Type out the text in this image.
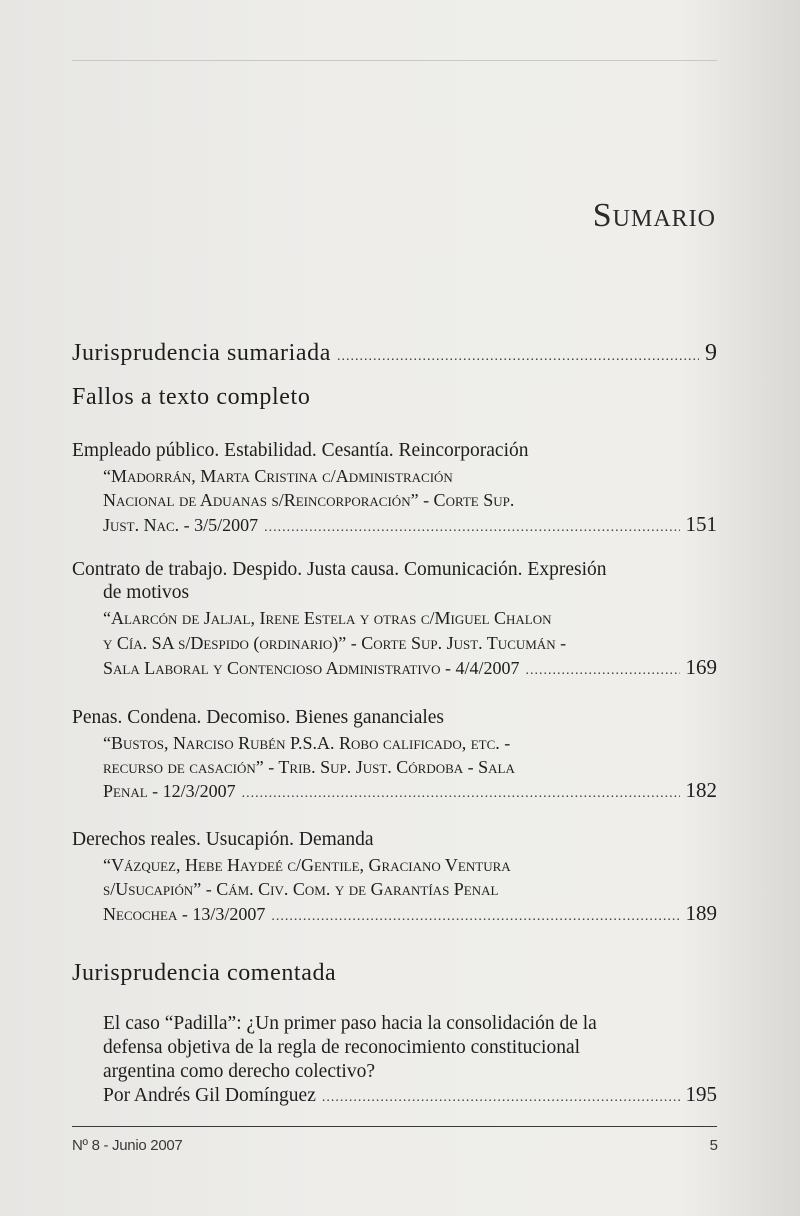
Sumario
Jurisprudencia sumariada .....	9
Fallos a texto completo
Empleado público. Estabilidad. Cesantía. Reincorporación
“Madorrán, Marta Cristina c/Administración
Nacional de Aduanas s/Reincorporación” - Corte Sup.
Just. Nac. - 3/5/2007 .....	151
Contrato de trabajo. Despido. Justa causa. Comunicación. Expresión
de motivos
“Alarcón de Jaljal, Irene Estela y otras c/Miguel Chalon
y Cía. SA s/Despido (ordinario)” - Corte Sup. Just. Tucumán -
Sala Laboral y Contencioso Administrativo - 4/4/2007 .....	169
Penas. Condena. Decomiso. Bienes gananciales
“Bustos, Narciso Rubén P.S.A. Robo calificado, etc. -
recurso de casación” - Trib. Sup. Just. Córdoba - Sala
Penal - 12/3/2007 .....	182
Derechos reales. Usucapión. Demanda
“Vázquez, Hebe Haydeé c/Gentile, Graciano Ventura
s/Usucapión” - Cám. Civ. Com. y de Garantías Penal
Necochea - 13/3/2007 .....	189
Jurisprudencia comentada
El caso “Padilla”: ¿Un primer paso hacia la consolidación de la
defensa objetiva de la regla de reconocimiento constitucional
argentina como derecho colectivo?
Por Andrés Gil Domínguez .....	195
Nº 8 - Junio 2007	5
